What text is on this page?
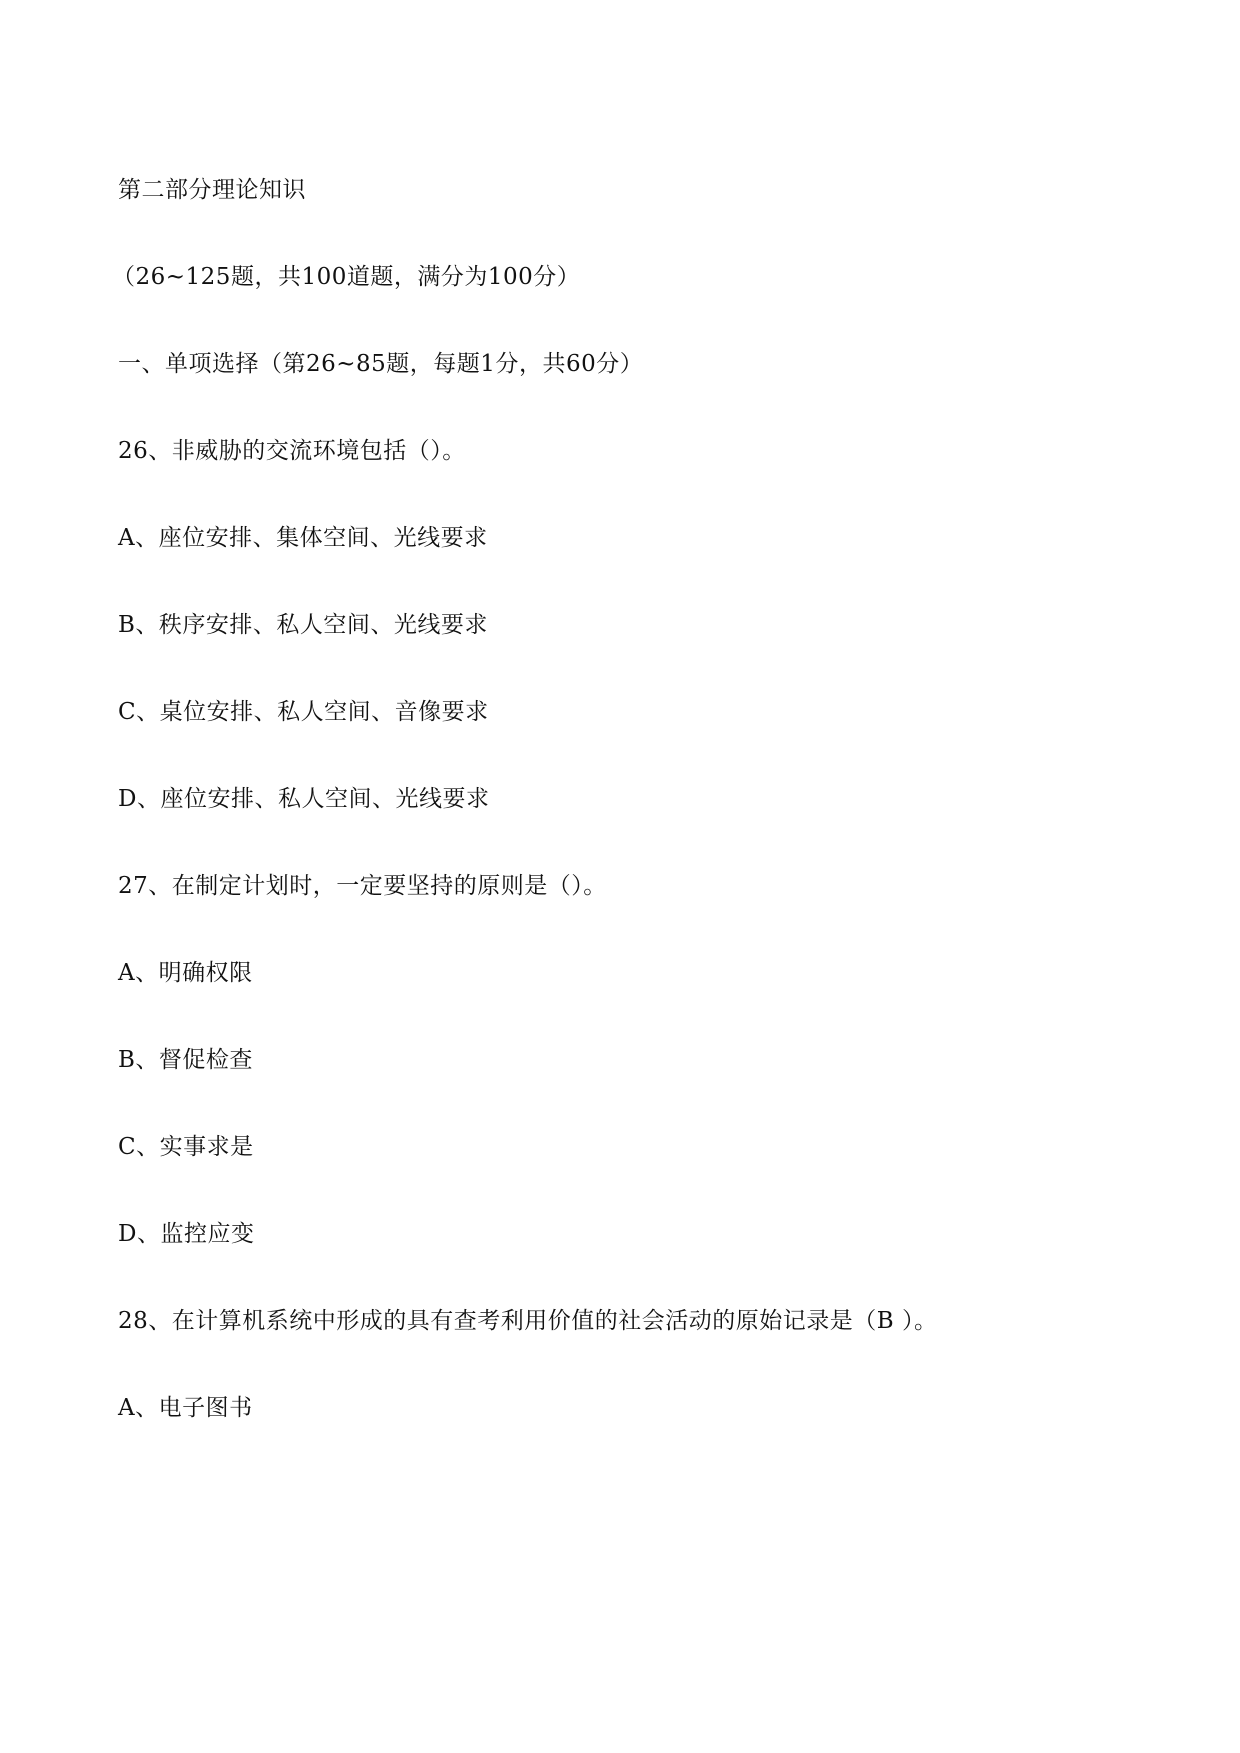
第二部分理论知识

（26~125题，共100道题，满分为100分）

一、单项选择（第26~85题，每题1分，共60分）

26、非威胁的交流环境包括（）。

A、座位安排、集体空间、光线要求

B、秩序安排、私人空间、光线要求

C、桌位安排、私人空间、音像要求

D、座位安排、私人空间、光线要求

27、在制定计划时，一定要坚持的原则是（）。

A、明确权限

B、督促检查

C、实事求是

D、监控应变

28、在计算机系统中形成的具有查考利用价值的社会活动的原始记录是（B ）。

A、电子图书
